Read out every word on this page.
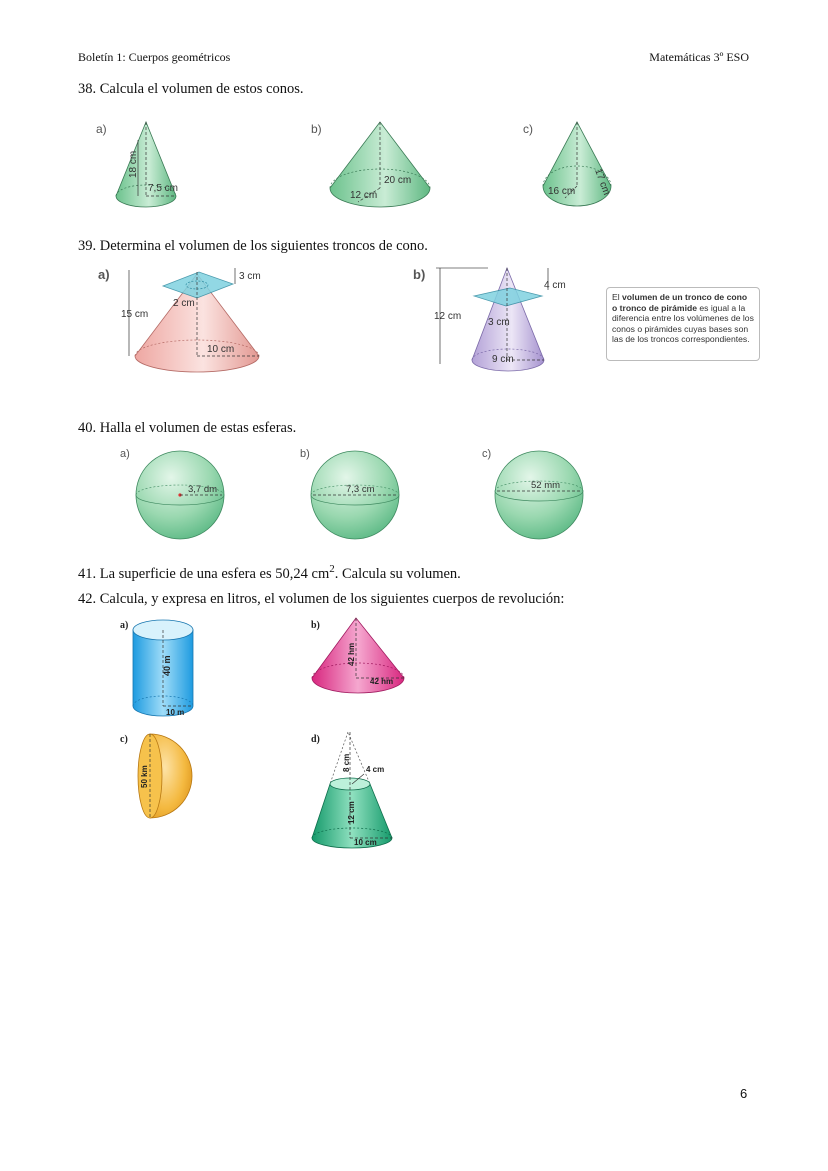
Boletín 1: Cuerpos geométricos	Matemáticas 3º ESO
38. Calcula el volumen de estos conos.
a)	b)	c)
18 cm
7,5 cm
20 cm
12 cm	17 cm
16 cm
39. Determina el volumen de los siguientes troncos de cono.
a)	b)
3 cm
15 cm
2 cm
10 cm
4 cm
12 cm
3 cm
9 cm
El volumen de un tronco de cono o tronco de pirámide es igual a la diferencia entre los volúmenes de los conos o pirámides cuyas bases son las de los troncos correspondientes.
40. Halla el volumen de estas esferas.
a)	b)	c)
3,7 dm	7,3 cm	52 mm
41. La superficie de una esfera es 50,24 $cm^2$. Calcula su volumen.
42. Calcula, y expresa en litros, el volumen de los siguientes cuerpos de revolución:
a)	b)
c)	d)
40 m
10 m
42 hm
42 hm
50 km
8 cm 4 cm
12 cm
10 cm
6
